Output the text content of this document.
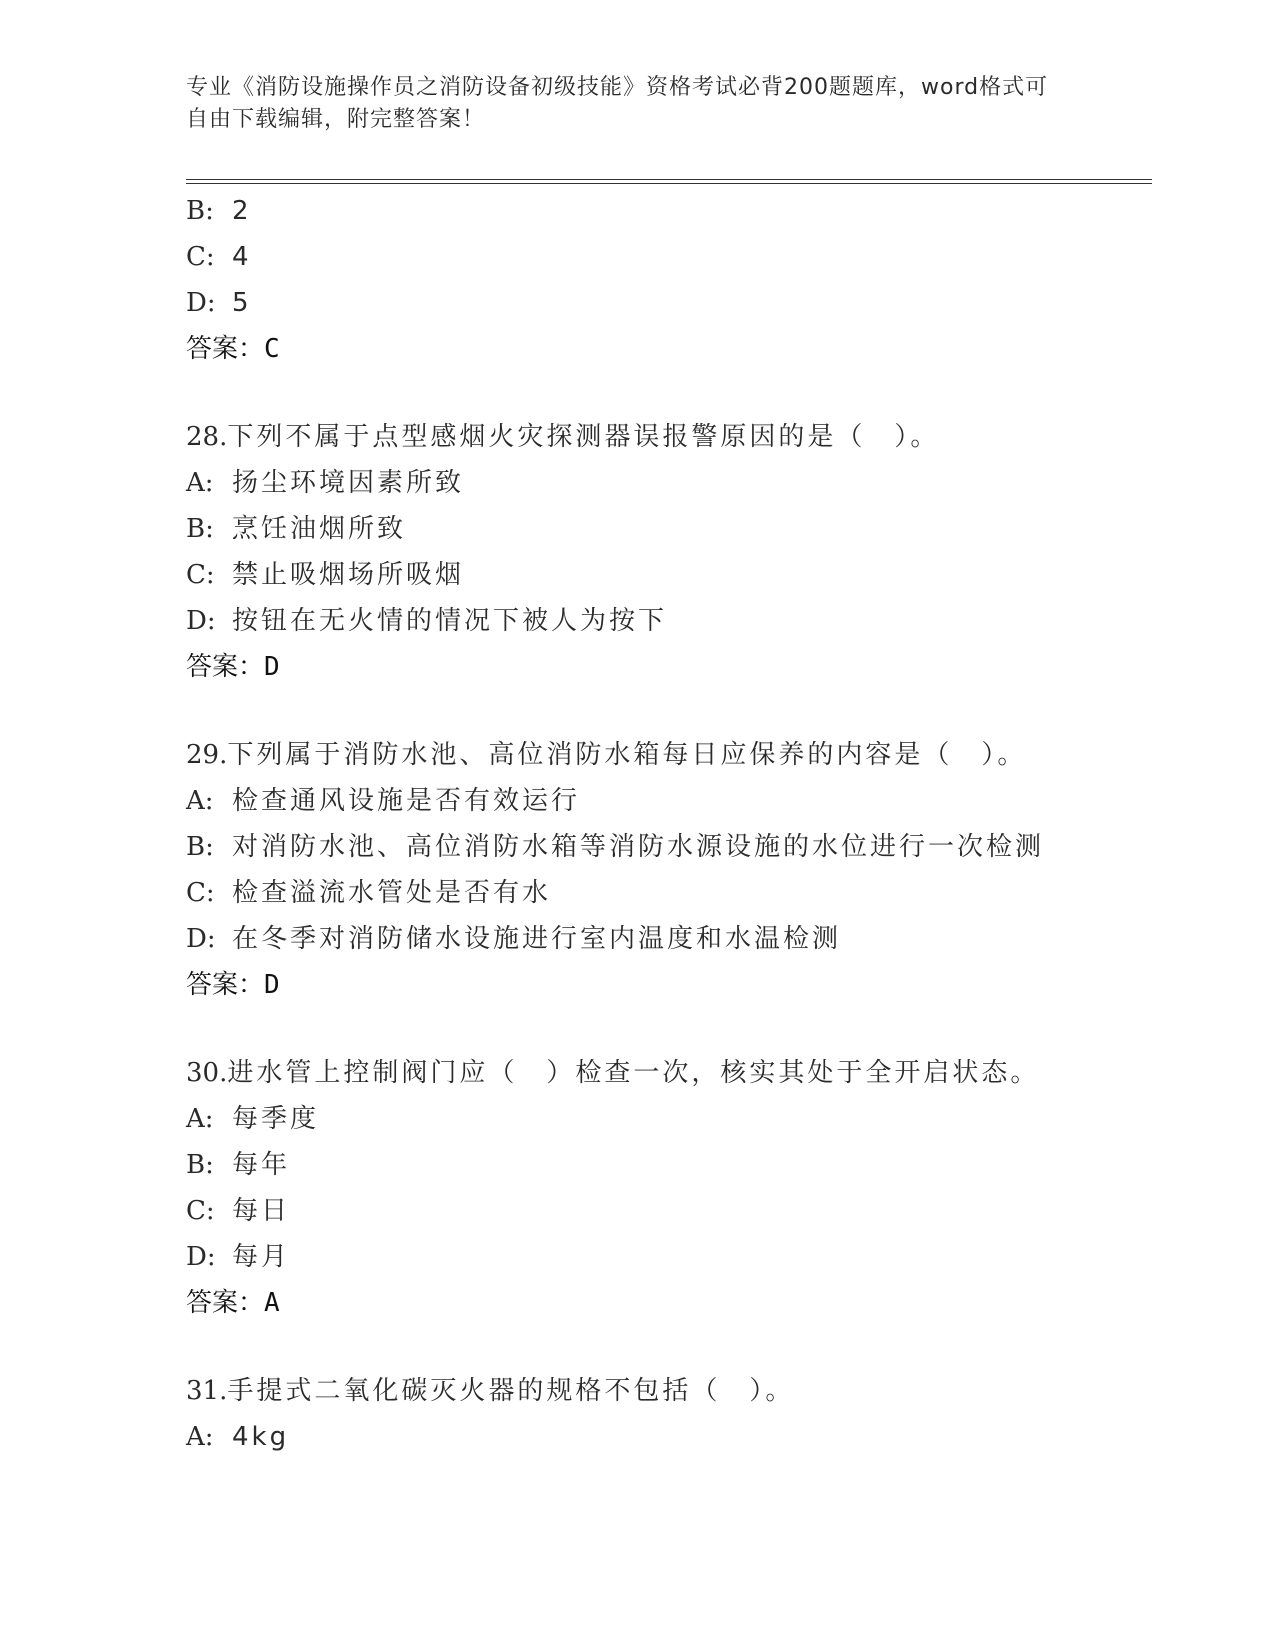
专业《消防设施操作员之消防设备初级技能》资格考试必背200题题库，word格式可自由下载编辑，附完整答案！
B: 2
C: 4
D: 5
答案：C
28.下列不属于点型感烟火灾探测器误报警原因的是（　）。
A: 扬尘环境因素所致
B: 烹饪油烟所致
C: 禁止吸烟场所吸烟
D: 按钮在无火情的情况下被人为按下
答案：D
29.下列属于消防水池、高位消防水箱每日应保养的内容是（　）。
A: 检查通风设施是否有效运行
B: 对消防水池、高位消防水箱等消防水源设施的水位进行一次检测
C: 检查溢流水管处是否有水
D: 在冬季对消防储水设施进行室内温度和水温检测
答案：D
30.进水管上控制阀门应（　）检查一次，核实其处于全开启状态。
A: 每季度
B: 每年
C: 每日
D: 每月
答案：A
31.手提式二氧化碳灭火器的规格不包括（　）。
A: 4kg
